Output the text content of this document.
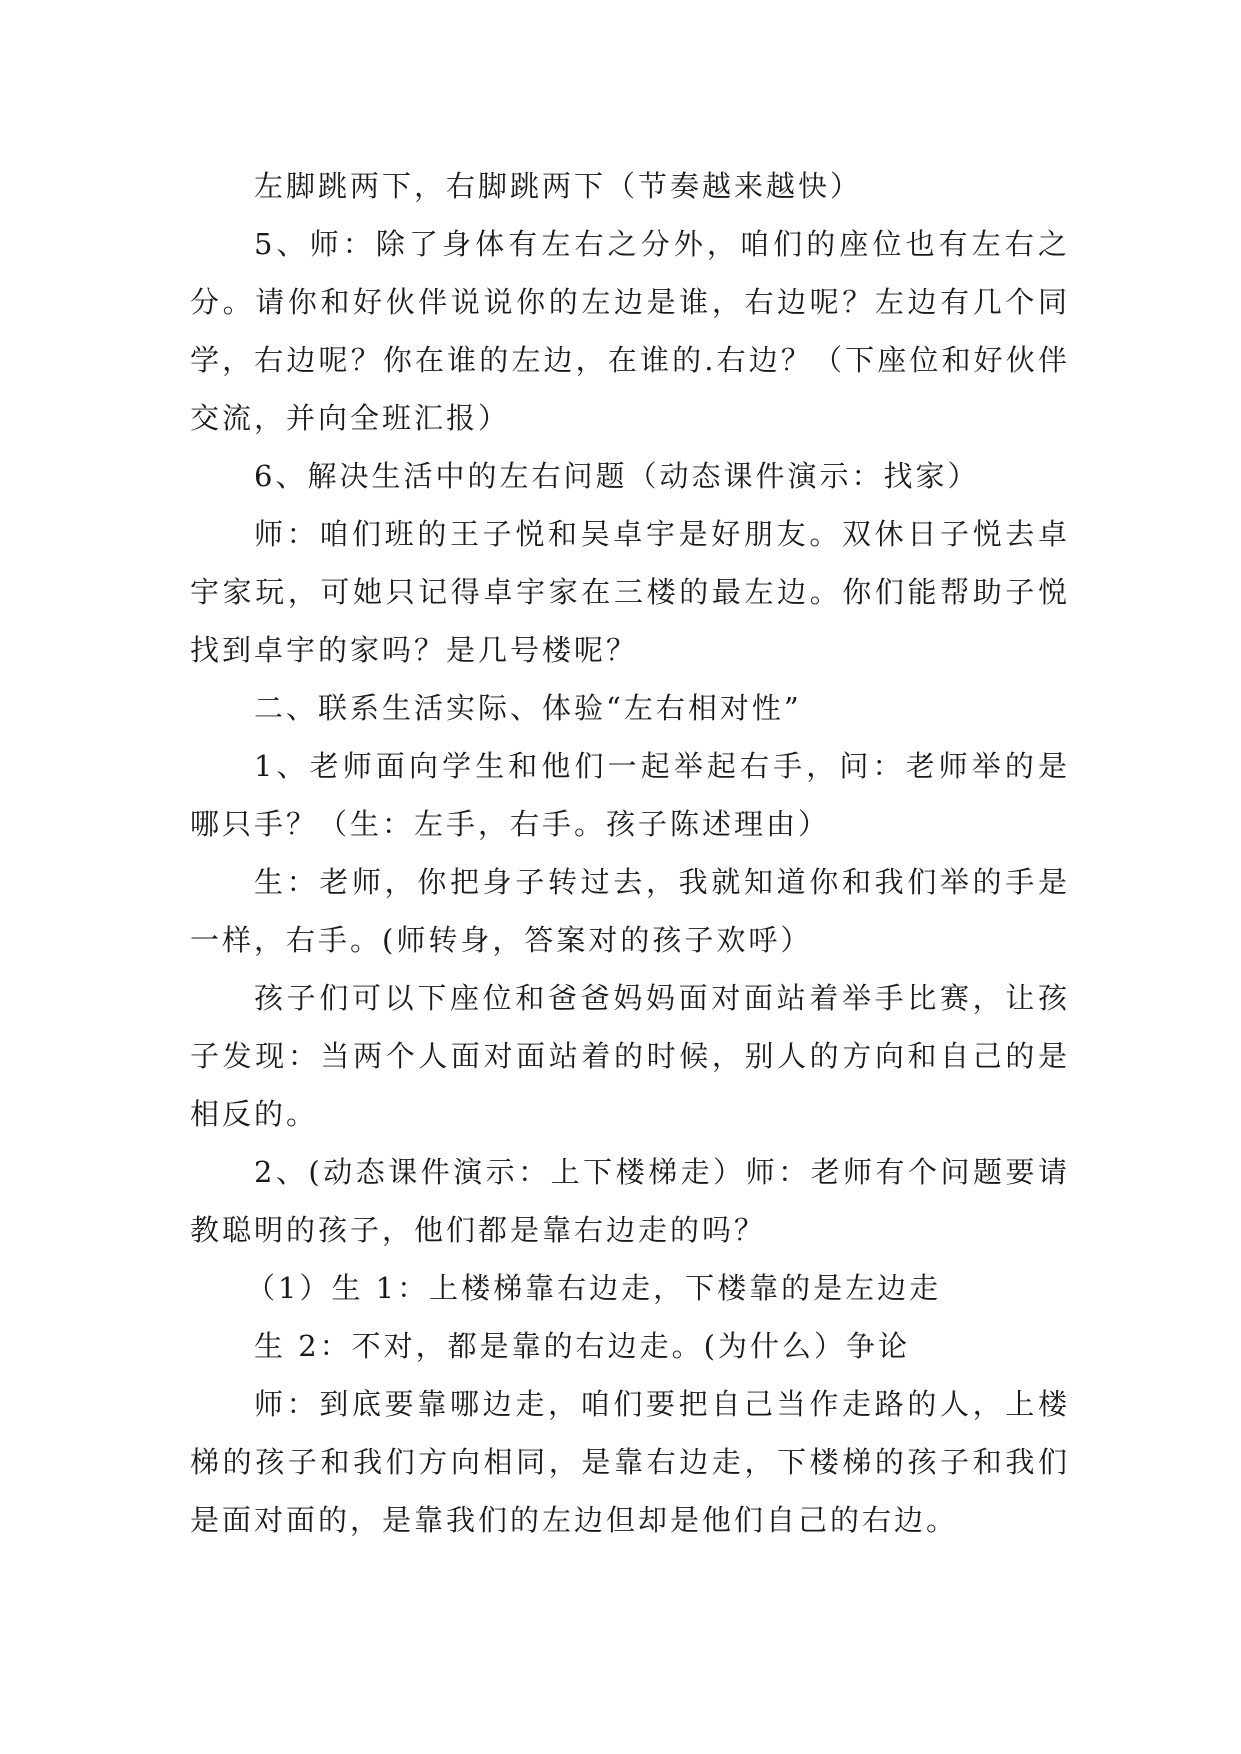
左脚跳两下，右脚跳两下（节奏越来越快）

5、师：除了身体有左右之分外，咱们的座位也有左右之分。请你和好伙伴说说你的左边是谁，右边呢？左边有几个同学，右边呢？你在谁的左边，在谁的.右边？（下座位和好伙伴交流，并向全班汇报）

6、解决生活中的左右问题（动态课件演示：找家）

师：咱们班的王子悦和吴卓宇是好朋友。双休日子悦去卓宇家玩，可她只记得卓宇家在三楼的最左边。你们能帮助子悦找到卓宇的家吗？是几号楼呢？

二、联系生活实际、体验“左右相对性”

1、老师面向学生和他们一起举起右手，问：老师举的是哪只手？（生：左手，右手。孩子陈述理由）

生：老师，你把身子转过去，我就知道你和我们举的手是一样，右手。(师转身，答案对的孩子欢呼）

孩子们可以下座位和爸爸妈妈面对面站着举手比赛，让孩子发现：当两个人面对面站着的时候，别人的方向和自己的是相反的。

2、(动态课件演示：上下楼梯走）师：老师有个问题要请教聪明的孩子，他们都是靠右边走的吗？

（1）生 1：上楼梯靠右边走，下楼靠的是左边走

生 2：不对，都是靠的右边走。(为什么）争论

师：到底要靠哪边走，咱们要把自己当作走路的人，上楼梯的孩子和我们方向相同，是靠右边走，下楼梯的孩子和我们是面对面的，是靠我们的左边但却是他们自己的右边。
